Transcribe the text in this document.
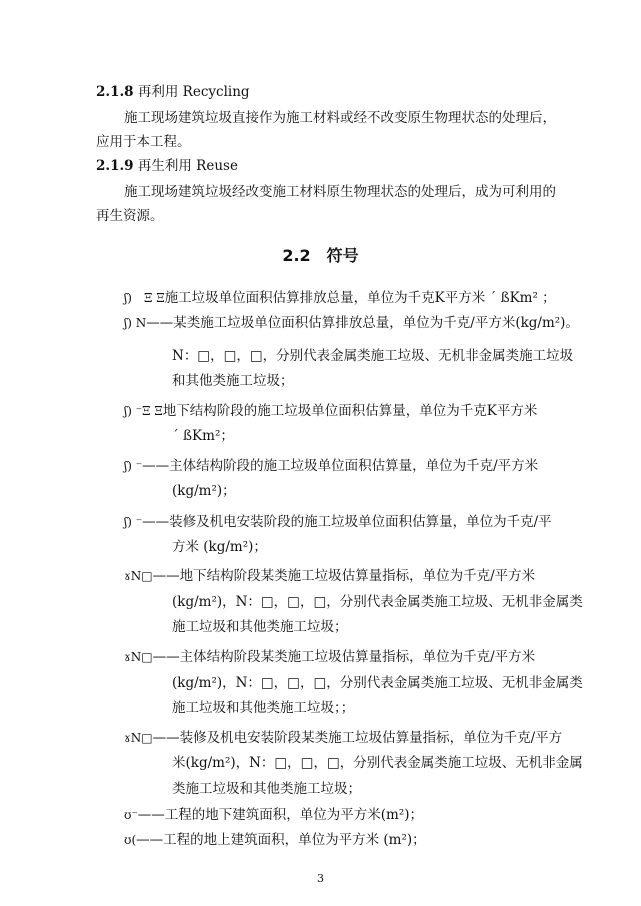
2.1.8 再利用 Recycling
施工现场建筑垃圾直接作为施工材料或经不改变原生物理状态的处理后，
应用于本工程。
2.1.9 再生利用 Reuse
施工现场建筑垃圾经改变施工材料原生物理状态的处理后，成为可利用的
再生资源。
2.2　符号
ʃ)　Ξ Ξ施工垃圾单位面积估算排放总量，单位为千克K平方米 ´ ßKm² ；
ʃ) N——某类施工垃圾单位面积估算排放总量，单位为千克/平方米(kg/m²)。
N：□，□，□，分别代表金属类施工垃圾、无机非金属类施工垃圾
和其他类施工垃圾；
ʃ) ⁻Ξ Ξ地下结构阶段的施工垃圾单位面积估算量，单位为千克K平方米
´ ßKm²；
ʃ) ⁻——主体结构阶段的施工垃圾单位面积估算量，单位为千克/平方米
(kg/m²)；
ʃ) ⁻——装修及机电安装阶段的施工垃圾单位面积估算量，单位为千克/平
方米 (kg/m²)；
ɤN□——地下结构阶段某类施工垃圾估算量指标，单位为千克/平方米
(kg/m²)，N：□，□，□，分别代表金属类施工垃圾、无机非金属类
施工垃圾和其他类施工垃圾；
ɤN□——主体结构阶段某类施工垃圾估算量指标，单位为千克/平方米
(kg/m²)，N：□，□，□，分别代表金属类施工垃圾、无机非金属类
施工垃圾和其他类施工垃圾；；
ɤN□——装修及机电安装阶段某类施工垃圾估算量指标，单位为千克/平方
米(kg/m²)，N：□，□，□，分别代表金属类施工垃圾、无机非金属
类施工垃圾和其他类施工垃圾；
ʊ⁻——工程的地下建筑面积，单位为平方米(m²)；
ʊ(——工程的地上建筑面积，单位为平方米 (m²)；
3
